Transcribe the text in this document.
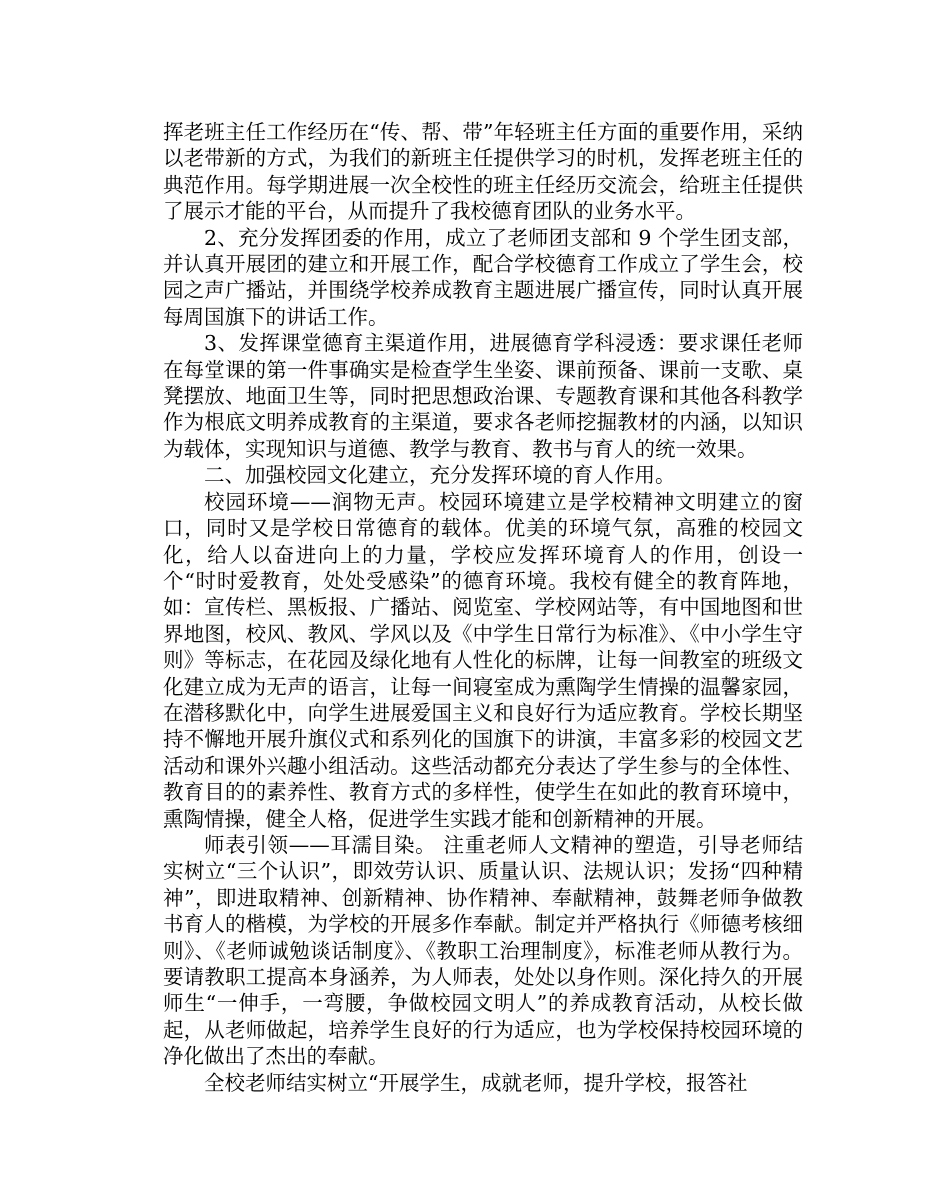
挥老班主任工作经历在“传、帮、带”年轻班主任方面的重要作用，采纳以老带新的方式，为我们的新班主任提供学习的时机，发挥老班主任的典范作用。每学期进展一次全校性的班主任经历交流会，给班主任提供了展示才能的平台，从而提升了我校德育团队的业务水平。

2、充分发挥团委的作用，成立了老师团支部和 9 个学生团支部，并认真开展团的建立和开展工作，配合学校德育工作成立了学生会，校园之声广播站，并围绕学校养成教育主题进展广播宣传，同时认真开展每周国旗下的讲话工作。

3、发挥课堂德育主渠道作用，进展德育学科浸透：要求课任老师在每堂课的第一件事确实是检查学生坐姿、课前预备、课前一支歌、桌凳摆放、地面卫生等，同时把思想政治课、专题教育课和其他各科教学作为根底文明养成教育的主渠道，要求各老师挖掘教材的内涵，以知识为载体，实现知识与道德、教学与教育、教书与育人的统一效果。

二、加强校园文化建立，充分发挥环境的育人作用。

校园环境——润物无声。校园环境建立是学校精神文明建立的窗口，同时又是学校日常德育的载体。优美的环境气氛，高雅的校园文化，给人以奋进向上的力量，学校应发挥环境育人的作用，创设一个“时时爱教育，处处受感染”的德育环境。我校有健全的教育阵地，如：宣传栏、黑板报、广播站、阅览室、学校网站等，有中国地图和世界地图，校风、教风、学风以及《中学生日常行为标准》、《中小学生守则》等标志，在花园及绿化地有人性化的标牌，让每一间教室的班级文化建立成为无声的语言，让每一间寝室成为熏陶学生情操的温馨家园，在潜移默化中，向学生进展爱国主义和良好行为适应教育。学校长期坚持不懈地开展升旗仪式和系列化的国旗下的讲演，丰富多彩的校园文艺活动和课外兴趣小组活动。这些活动都充分表达了学生参与的全体性、教育目的的素养性、教育方式的多样性，使学生在如此的教育环境中，熏陶情操，健全人格，促进学生实践才能和创新精神的开展。

师表引领——耳濡目染。 注重老师人文精神的塑造，引导老师结实树立“三个认识”，即效劳认识、质量认识、法规认识；发扬“四种精神”，即进取精神、创新精神、协作精神、奉献精神，鼓舞老师争做教书育人的楷模，为学校的开展多作奉献。制定并严格执行《师德考核细则》、《老师诚勉谈话制度》、《教职工治理制度》，标准老师从教行为。要请教职工提高本身涵养，为人师表，处处以身作则。深化持久的开展师生“一伸手，一弯腰，争做校园文明人”的养成教育活动，从校长做起，从老师做起，培养学生良好的行为适应，也为学校保持校园环境的净化做出了杰出的奉献。

全校老师结实树立“开展学生，成就老师，提升学校，报答社
